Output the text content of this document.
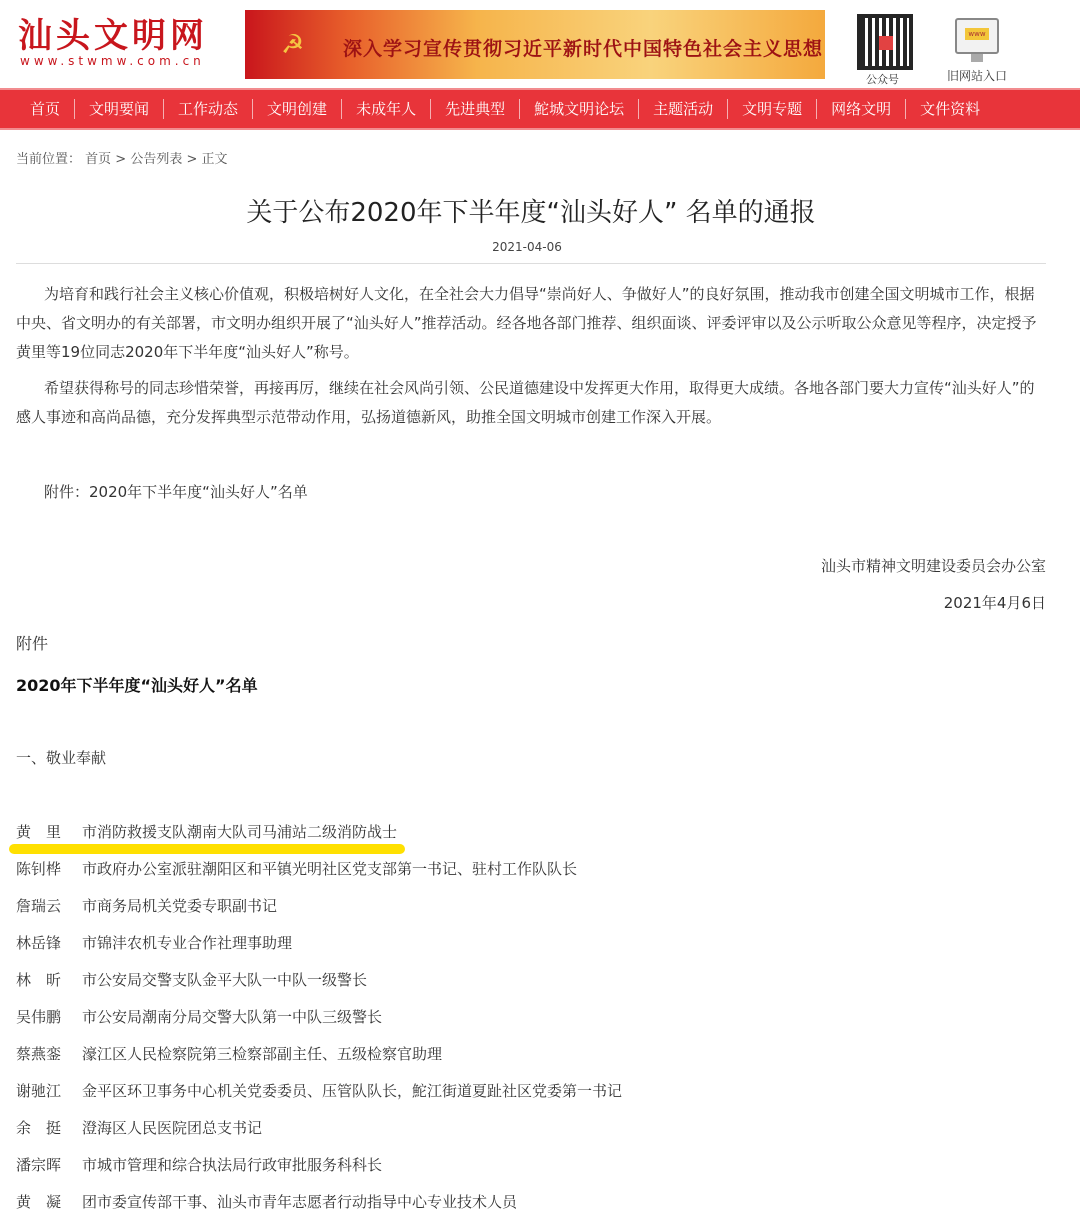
汕头文明网
www.stwmw.com.cn
☭ 深入学习宣传贯彻习近平新时代中国特色社会主义思想
公众号
www	旧网站入口
首页	文明要闻	工作动态	文明创建	未成年人	先进典型	鮀城文明论坛	主题活动	文明专题	网络文明	文件资料
当前位置： 首页 > 公告列表 > 正文
关于公布2020年下半年度“汕头好人” 名单的通报
2021-04-06

为培育和践行社会主义核心价值观，积极培树好人文化，在全社会大力倡导“崇尚好人、争做好人”的良好氛围，推动我市创建全国文明城市工作，根据中央、省文明办的有关部署，市文明办组织开展了“汕头好人”推荐活动。经各地各部门推荐、组织面谈、评委评审以及公示听取公众意见等程序，决定授予黄里等19位同志2020年下半年度“汕头好人”称号。

希望获得称号的同志珍惜荣誉，再接再厉，继续在社会风尚引领、公民道德建设中发挥更大作用，取得更大成绩。各地各部门要大力宣传“汕头好人”的感人事迹和高尚品德，充分发挥典型示范带动作用，弘扬道德新风，助推全国文明城市创建工作深入开展。

附件：2020年下半年度“汕头好人”名单
汕头市精神文明建设委员会办公室
2021年4月6日
附件
2020年下半年度“汕头好人”名单
一、敬业奉献
黄　里	市消防救援支队潮南大队司马浦站二级消防战士
陈钊桦	市政府办公室派驻潮阳区和平镇光明社区党支部第一书记、驻村工作队队长
詹瑞云	市商务局机关党委专职副书记
林岳锋	市锦沣农机专业合作社理事助理
林　昕	市公安局交警支队金平大队一中队一级警长
吴伟鹏	市公安局潮南分局交警大队第一中队三级警长
蔡燕銮	濠江区人民检察院第三检察部副主任、五级检察官助理
谢驰江	金平区环卫事务中心机关党委委员、压管队队长，鮀江街道夏趾社区党委第一书记
余　挺	澄海区人民医院团总支书记
潘宗晖	市城市管理和综合执法局行政审批服务科科长
黄　凝	团市委宣传部干事、汕头市青年志愿者行动指导中心专业技术人员
